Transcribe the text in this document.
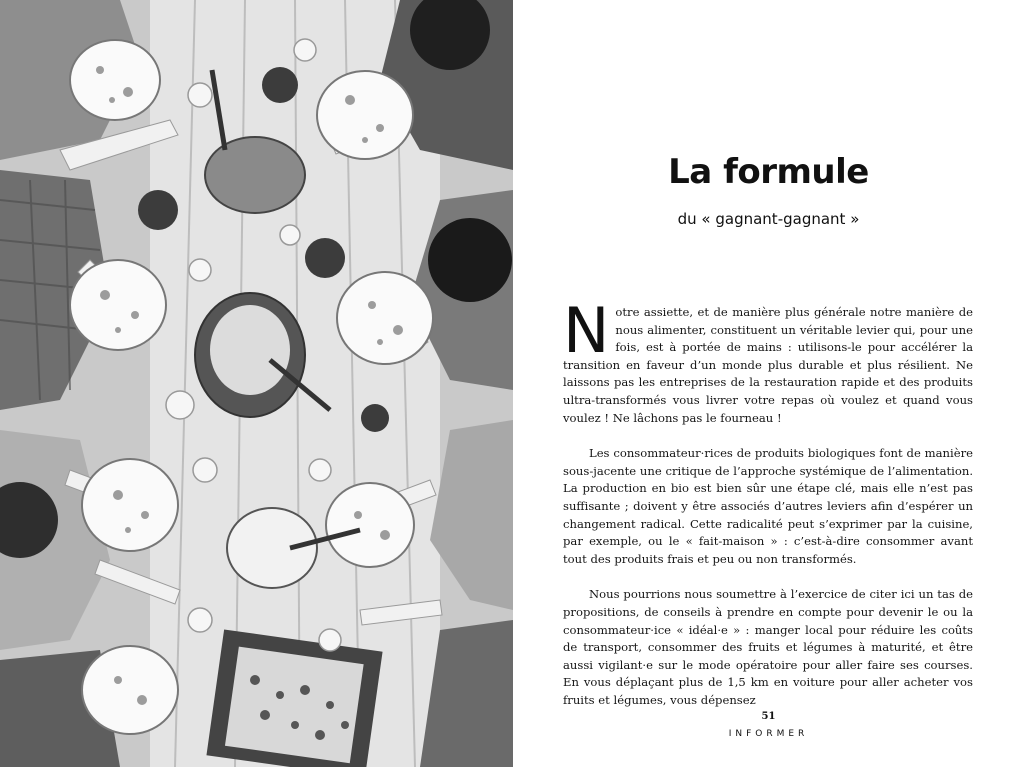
La formule
du « gagnant-gagnant »

Notre assiette, et de manière plus générale notre manière de nous alimenter, constituent un véritable levier qui, pour une fois, est à portée de mains : utilisons-le pour accélérer la transition en faveur d’un monde plus durable et plus résilient. Ne laissons pas les entreprises de la restauration rapide et des produits ultra-transformés vous livrer votre repas où voulez et quand vous voulez ! Ne lâchons pas le fourneau !

Les consommateur·rices de produits biologiques font de manière sous-jacente une critique de l’approche systémique de l’alimentation. La production en bio est bien sûr une étape clé, mais elle n’est pas suffisante ; doivent y être associés d’autres leviers afin d’espérer un changement radical. Cette radicalité peut s’exprimer par la cuisine, par exemple, ou le « fait-maison » : c’est-à-dire consommer avant tout des produits frais et peu ou non transformés.

Nous pourrions nous soumettre à l’exercice de citer ici un tas de propositions, de conseils à prendre en compte pour devenir le ou la consommateur·ice « idéal·e » : manger local pour réduire les coûts de transport, consommer des fruits et légumes à maturité, et être aussi vigilant·e sur le mode opératoire pour aller faire ses courses. En vous déplaçant plus de 1,5 km en voiture pour aller acheter vos fruits et légumes, vous dépensez

51
INFORMER
